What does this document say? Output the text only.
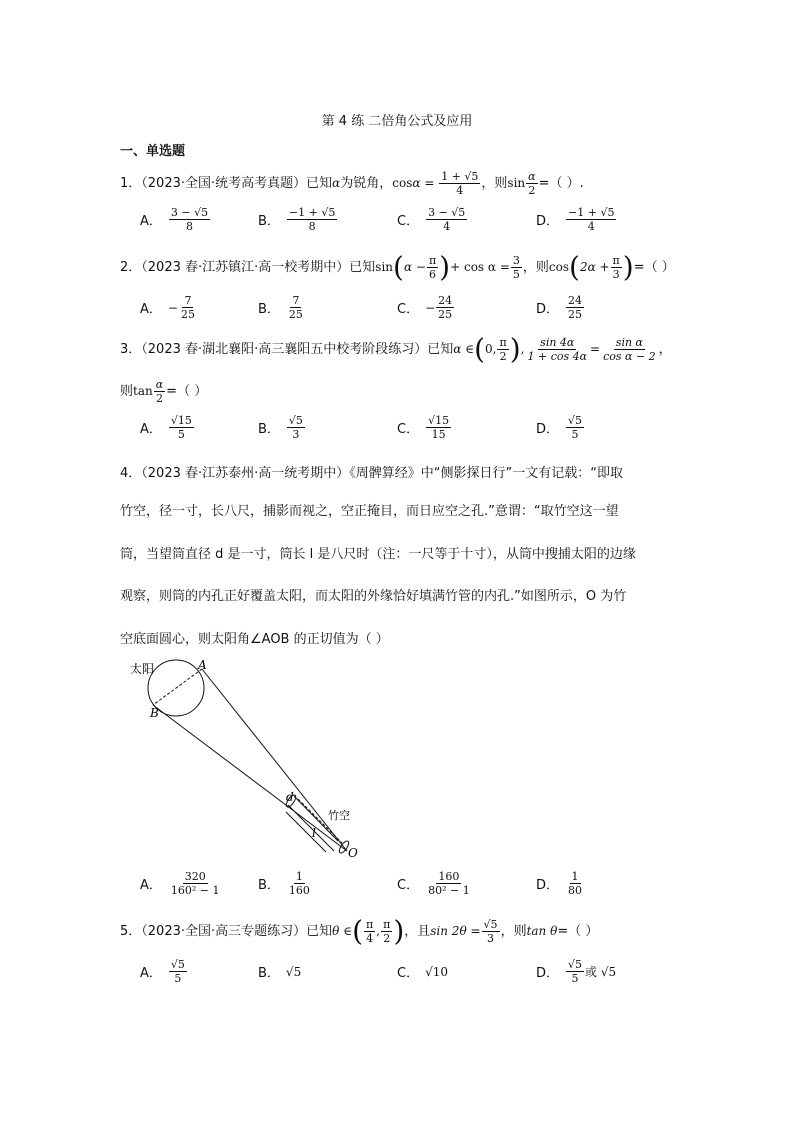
第 4 练 二倍角公式及应用
一、单选题
1．（2023·全国·统考高考真题）已知α为锐角，$\cos\alpha = \frac{1 + √5}{4}$ ，则$\sin \frac{\alpha}{2}$ =（ ）.
A． $\frac{3 - √5}{8}$	B． $\frac{-1 + √5}{8}$	C． $\frac{3 - √5}{4}$	D． $\frac{-1 + √5}{4}$
2．（2023 春·江苏镇江·高一校考期中）已知$\sin(\alpha - \frac{\pi}{6}$ )+ $\cos \alpha = \frac{3}{5}$ ，则$\cos(2\alpha + \frac{\pi}{3}$ )=（ ）
A． − $\frac{7}{25}$	B． $\frac{7}{25}$	C． − $\frac{24}{25}$	D． $\frac{24}{25}$
3．（2023 春·湖北襄阳·高三襄阳五中校考阶段练习）已知α ∈(0, $\frac{\pi}{2}$ ), $\frac{\sin 4\alpha}{1 + \cos 4\alpha} = \frac{\text{sin α}}{\text{cos α − 2}}$ ，
则$\tan \frac{\alpha}{2}$ =（ ）
A． $\frac{√15}{5}$	B． $\frac{√5}{3}$	C． $\frac{√15}{15}$	D． $\frac{√5}{5}$
4．（2023 春·江苏泰州·高一统考期中）《周髀算经》中“侧影探日行”一文有记载：“即取
竹空，径一寸，长八尺，捕影而视之，空正掩目，而日应空之孔.”意谓：“取竹空这一望
筒，当望筒直径 d 是一寸，筒长 l 是八尺时（注：一尺等于十寸），从筒中搜捕太阳的边缘
观察，则筒的内孔正好覆盖太阳，而太阳的外缘恰好填满竹管的内孔.”如图所示，O 为竹
空底面圆心，则太阳角∠AOB 的正切值为（ ）
太阳	A
B
d
l
竹空
O
A． $\frac{320}{\text{160² − 1}}$	B． $\frac{1}{160}$	C． $\frac{160}{\text{80² − 1}}$	D． $\frac{1}{80}$
5．（2023·全国·高三专题练习）已知θ ∈( $\frac{\pi}{4}$ , $\frac{\pi}{2}$ )，且$\sin 2\theta = \frac{√5}{3}$ ，则tan θ=（ ）
A． $\frac{√5}{5}$	B． √5	C． √10	D． $\frac{√5}{5}$ 或 √5
